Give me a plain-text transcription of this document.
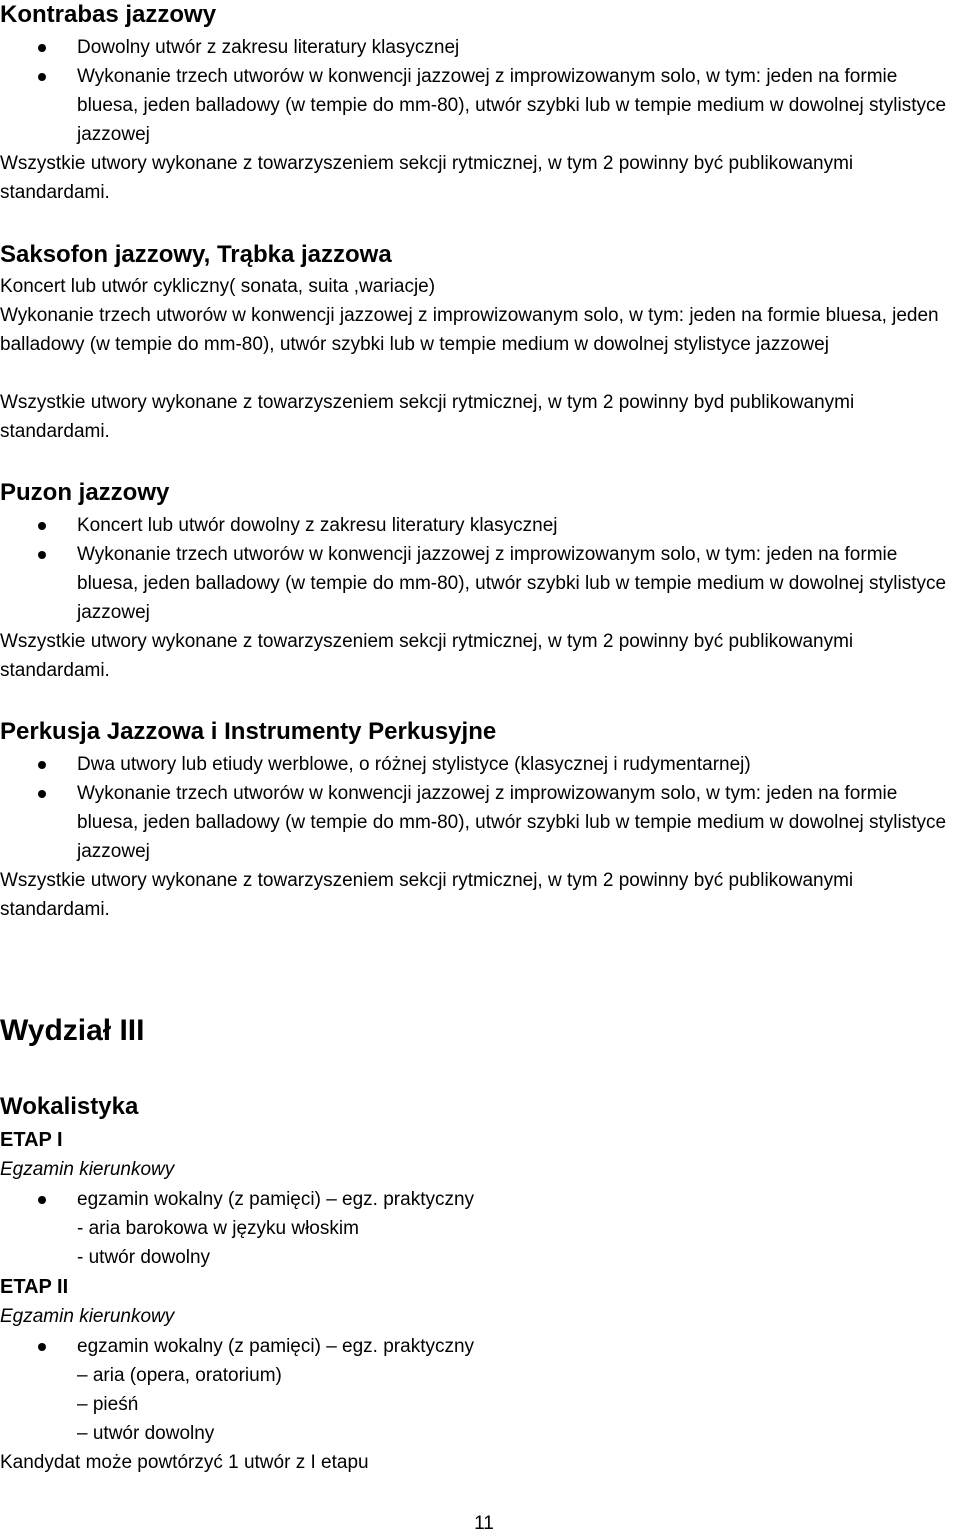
Kontrabas jazzowy
Dowolny utwór z zakresu literatury klasycznej
Wykonanie trzech utworów w konwencji jazzowej z improwizowanym solo, w tym: jeden na formie bluesa, jeden balladowy (w tempie do mm-80), utwór szybki lub w tempie medium w dowolnej stylistyce jazzowej

Wszystkie utwory wykonane z towarzyszeniem sekcji rytmicznej, w tym 2 powinny być publikowanymi standardami.

Saksofon jazzowy, Trąbka jazzowa

Koncert lub utwór cykliczny( sonata, suita ,wariacje)

Wykonanie trzech utworów w konwencji jazzowej z improwizowanym solo, w tym: jeden na formie bluesa, jeden balladowy (w tempie do mm-80), utwór szybki lub w tempie medium w dowolnej stylistyce jazzowej

Wszystkie utwory wykonane z towarzyszeniem sekcji rytmicznej, w tym 2 powinny byd publikowanymi standardami.

Puzon jazzowy
Koncert lub utwór dowolny z zakresu literatury klasycznej
Wykonanie trzech utworów w konwencji jazzowej z improwizowanym solo, w tym: jeden na formie bluesa, jeden balladowy (w tempie do mm-80), utwór szybki lub w tempie medium w dowolnej stylistyce jazzowej

Wszystkie utwory wykonane z towarzyszeniem sekcji rytmicznej, w tym 2 powinny być publikowanymi standardami.

Perkusja Jazzowa i Instrumenty Perkusyjne
Dwa utwory lub etiudy werblowe, o różnej stylistyce (klasycznej i rudymentarnej)
Wykonanie trzech utworów w konwencji jazzowej z improwizowanym solo, w tym: jeden na formie bluesa, jeden balladowy (w tempie do mm-80), utwór szybki lub w tempie medium w dowolnej stylistyce jazzowej

Wszystkie utwory wykonane z towarzyszeniem sekcji rytmicznej, w tym 2 powinny być publikowanymi standardami.

Wydział III
Wokalistyka
ETAP I

Egzamin kierunkowy

egzamin wokalny (z pamięci) – egz. praktyczny

- aria barokowa w języku włoskim

- utwór dowolny

ETAP II

Egzamin kierunkowy

egzamin wokalny (z pamięci) – egz. praktyczny

– aria (opera, oratorium)

– pieśń

– utwór dowolny

Kandydat może powtórzyć 1 utwór z I etapu

11
